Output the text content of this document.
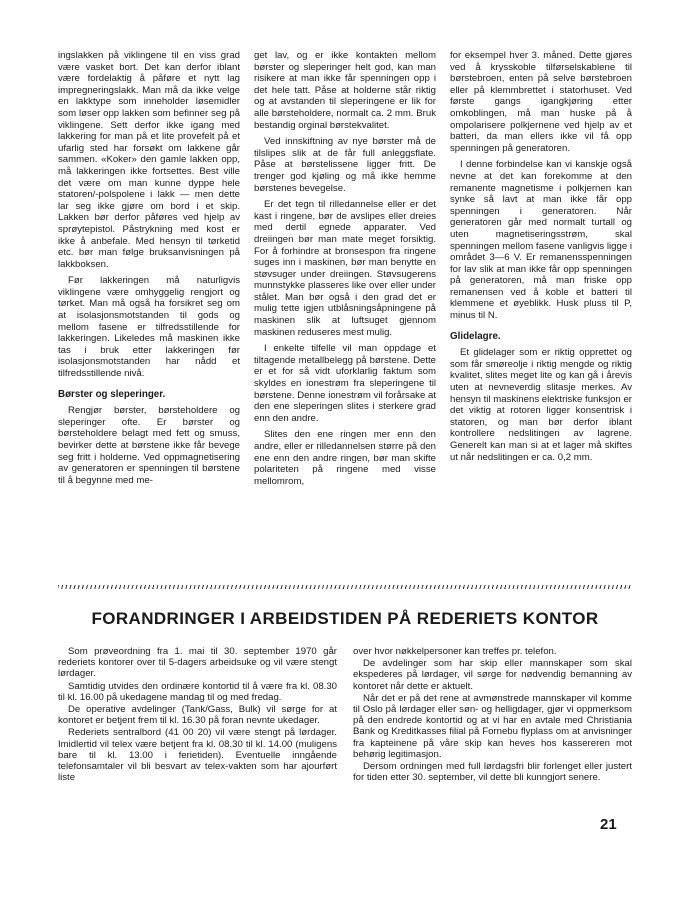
ingslakken på viklingene til en viss grad være vasket bort. Det kan derfor iblant være fordelaktig å påføre et nytt lag impregneringslakk. Man må da ikke velge en lakktype som inneholder løsemidler som løser opp lakken som befinner seg på viklingene. Sett derfor ikke igang med lakkering for man på et lite provefelt på et ufarlig sted har forsøkt om lakkene går sammen. «Koker» den gamle lakken opp, må lakkeringen ikke fortsettes. Best ville det være om man kunne dyppe hele statoren/-polspolene i lakk — men dette lar seg ikke gjøre om bord i et skip. Lakken bør derfor påføres ved hjelp av sprøytepistol. Påstrykning med kost er ikke å anbefale. Med hensyn til tørketid etc. bør man følge bruksanvisningen på lakkboksen.

Før lakkeringen må naturligvis viklingene være omhyggelig rengjort og tørket. Man må også ha forsikret seg om at isolasjonsmotstanden til gods og mellom fasene er tilfredsstillende for lakkeringen. Likeledes må maskinen ikke tas i bruk etter lakkeringen før isolasjonsmotstanden har nådd et tilfredsstillende nivå.

Børster og sleperinger.

Rengjør børster, børsteholdere og sleperinger ofte. Er børster og børsteholdere belagt med fett og smuss, bevirker dette at børstene ikke får bevege seg fritt i holderne. Ved oppmagnetisering av generatoren er spenningen til børstene til å begynne med me-

get lav, og er ikke kontakten mellom børster og sleperinger helt god, kan man risikere at man ikke får spenningen opp i det hele tatt. Påse at holderne står riktig og at avstanden til sleperingene er lik for alle børsteholdere, normalt ca. 2 mm. Bruk bestandig orginal børstekvalitet.

Ved innskiftning av nye børster må de tilslipes slik at de får full anleggsflate. Påse at børstelissene ligger fritt. De trenger god kjøling og må ikke hemme børstenes bevegelse.

Er det tegn til rilledannelse eller er det kast i ringene, bør de avslipes eller dreies med dertil egnede apparater. Ved dreiingen bør man mate meget forsiktig. For å forhindre at bronsespon fra ringene suges inn i maskinen, bør man benytte en støvsuger under dreiingen. Støvsugerens munnstykke plasseres like over eller under stålet. Man bør også i den grad det er mulig tette igjen utblåsningsåpningene på maskinen slik at luftsuget gjennom maskinen reduseres mest mulig.

I enkelte tilfelle vil man oppdage et tiltagende metallbelegg på børstene. Dette er et for så vidt uforklarlig faktum som skyldes en ionestrøm fra sleperingene til børstene. Denne ionestrøm vil forårsake at den ene sleperingen slites i sterkere grad enn den andre.

Slites den ene ringen mer enn den andre, eller er rilledannelsen større på den ene enn den andre ringen, bør man skifte polariteten på ringene med visse mellomrom,

for eksempel hver 3. måned. Dette gjøres ved å krysskoble tilførselskablene til børstebroen, enten på selve børstebroen eller på klemmbrettet i statorhuset. Ved første gangs igangkjøring etter omkoblingen, må man huske på å ompolarisere polkjernene ved hjelp av et batteri, da man ellers ikke vil få opp spenningen på generatoren.

I denne forbindelse kan vi kanskje også nevne at det kan forekomme at den remanente magnetisme i polkjernen kan synke så lavt at man ikke får opp spenningen i generatoren. Når generatoren går med normalt turtall og uten magnetiseringsstrøm, skal spenningen mellom fasene vanligvis ligge i området 3—6 V. Er remanensspenningen for lav slik at man ikke får opp spenningen på generatoren, må man friske opp remanensen ved å koble et batteri til klemmene et øyeblikk. Husk pluss til P, minus til N.

Glidelagre.

Et glidelager som er riktig opprettet og som får smøreolje i riktig mengde og riktig kvalitet, slites meget lite og kan gå i årevis uten at nevneverdig slitasje merkes. Av hensyn til maskinens elektriske funksjon er det viktig at rotoren ligger konsentrisk i statoren, og man bør derfor iblant kontrollere nedslitingen av lagrene. Generelt kan man si at et lager må skiftes ut når nedslitingen er ca. 0,2 mm.

FORANDRINGER I ARBEIDSTIDEN PÅ REDERIETS KONTOR

Som prøveordning fra 1. mai til 30. september 1970 går rederiets kontorer over til 5-dagers arbeidsuke og vil være stengt lørdager.

Samtidig utvides den ordinære kontortid til å være fra kl. 08.30 til kl. 16.00 på ukedagene mandag til og med fredag.

De operative avdelinger (Tank/Gass, Bulk) vil sørge for at kontoret er betjent frem til kl. 16.30 på foran nevnte ukedager.

Rederiets sentralbord (41 00 20) vil være stengt på lørdager. Imidlertid vil telex være betjent fra kl. 08.30 til kl. 14.00 (muligens bare til kl. 13.00 i ferietiden). Eventuelle inngående telefonsamtaler vil bli besvart av telex-vakten som har ajourført liste

over hvor nøkkelpersoner kan treffes pr. telefon.

De avdelinger som har skip eller mannskaper som skal ekspederes på lørdager, vil sørge for nødvendig bemanning av kontoret når dette er aktuelt.

Når det er på det rene at avmønstrede mannskaper vil komme til Oslo på lørdager eller søn- og helligdager, gjør vi oppmerksom på den endrede kontortid og at vi har en avtale med Christiania Bank og Kreditkasses filial på Fornebu flyplass om at anvisninger fra kapteinene på våre skip kan heves hos kassereren mot behørig legitimasjon.

Dersom ordningen med full lørdagsfri blir forlenget eller justert for tiden etter 30. september, vil dette bli kunngjort senere.

21
